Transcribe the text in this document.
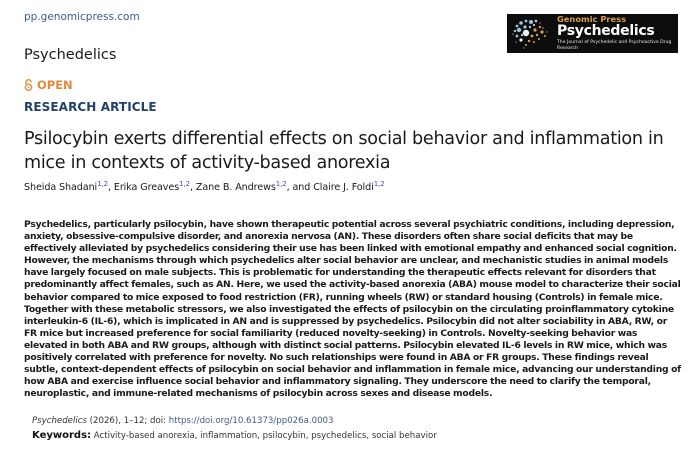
pp.genomicpress.com
Psychedelics
OPEN
RESEARCH ARTICLE
Genomic Press
Psychedelics
The Journal of Psychedelic and Psychoactive Drug Research
Psilocybin exerts differential effects on social behavior and inflammation in mice in contexts of activity-based anorexia
Sheida Shadani$^{1,2}$, Erika Greaves$^{1,2}$, Zane B. Andrews$^{1,2}$, and Claire J. Foldi$^{1,2}$

Psychedelics, particularly psilocybin, have shown therapeutic potential across several psychiatric conditions, including depression, anxiety, obsessive-compulsive disorder, and anorexia nervosa (AN). These disorders often share social deficits that may be effectively alleviated by psychedelics considering their use has been linked with emotional empathy and enhanced social cognition. However, the mechanisms through which psychedelics alter social behavior are unclear, and mechanistic studies in animal models have largely focused on male subjects. This is problematic for understanding the therapeutic effects relevant for disorders that predominantly affect females, such as AN. Here, we used the activity-based anorexia (ABA) mouse model to characterize their social behavior compared to mice exposed to food restriction (FR), running wheels (RW) or standard housing (Controls) in female mice. Together with these metabolic stressors, we also investigated the effects of psilocybin on the circulating proinflammatory cytokine interleukin-6 (IL-6), which is implicated in AN and is suppressed by psychedelics. Psilocybin did not alter sociability in ABA, RW, or FR mice but increased preference for social familiarity (reduced novelty-seeking) in Controls. Novelty-seeking behavior was elevated in both ABA and RW groups, although with distinct social patterns. Psilocybin elevated IL-6 levels in RW mice, which was positively correlated with preference for novelty. No such relationships were found in ABA or FR groups. These findings reveal subtle, context-dependent effects of psilocybin on social behavior and inflammation in female mice, advancing our understanding of how ABA and exercise influence social behavior and inflammatory signaling. They underscore the need to clarify the temporal, neuroplastic, and immune-related mechanisms of psilocybin across sexes and disease models.

Psychedelics (2026), 1–12; doi: https://doi.org/10.61373/pp026a.0003
Keywords: Activity-based anorexia, inflammation, psilocybin, psychedelics, social behavior
